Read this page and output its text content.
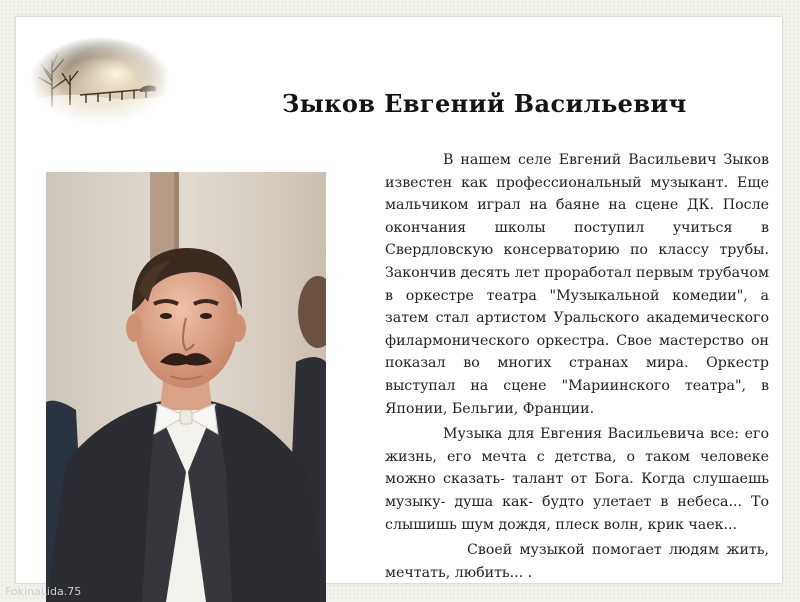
Зыков Евгений Васильевич

В нашем селе Евгений Васильевич Зыков известен как профессиональный музыкант. Еще мальчиком играл на баяне на сцене ДК. После окончания школы поступил учиться в Свердловскую консерваторию по классу трубы. Закончив десять лет проработал первым трубачом в оркестре театра "Музыкальной комедии", а затем стал артистом Уральского академического филармонического оркестра. Свое мастерство он показал во многих странах мира. Оркестр выступал на сцене "Мариинского театра", в Японии, Бельгии, Франции.

Музыка для Евгения Васильевича все: его жизнь, его мечта с детства, о таком человеке можно сказать- талант от Бога. Когда слушаешь музыку- душа как- будто улетает в небеса... То слышишь шум дождя, плеск волн, крик чаек...

Своей музыкой помогает людям жить, мечтать, любить... .

FokinaLida.75
